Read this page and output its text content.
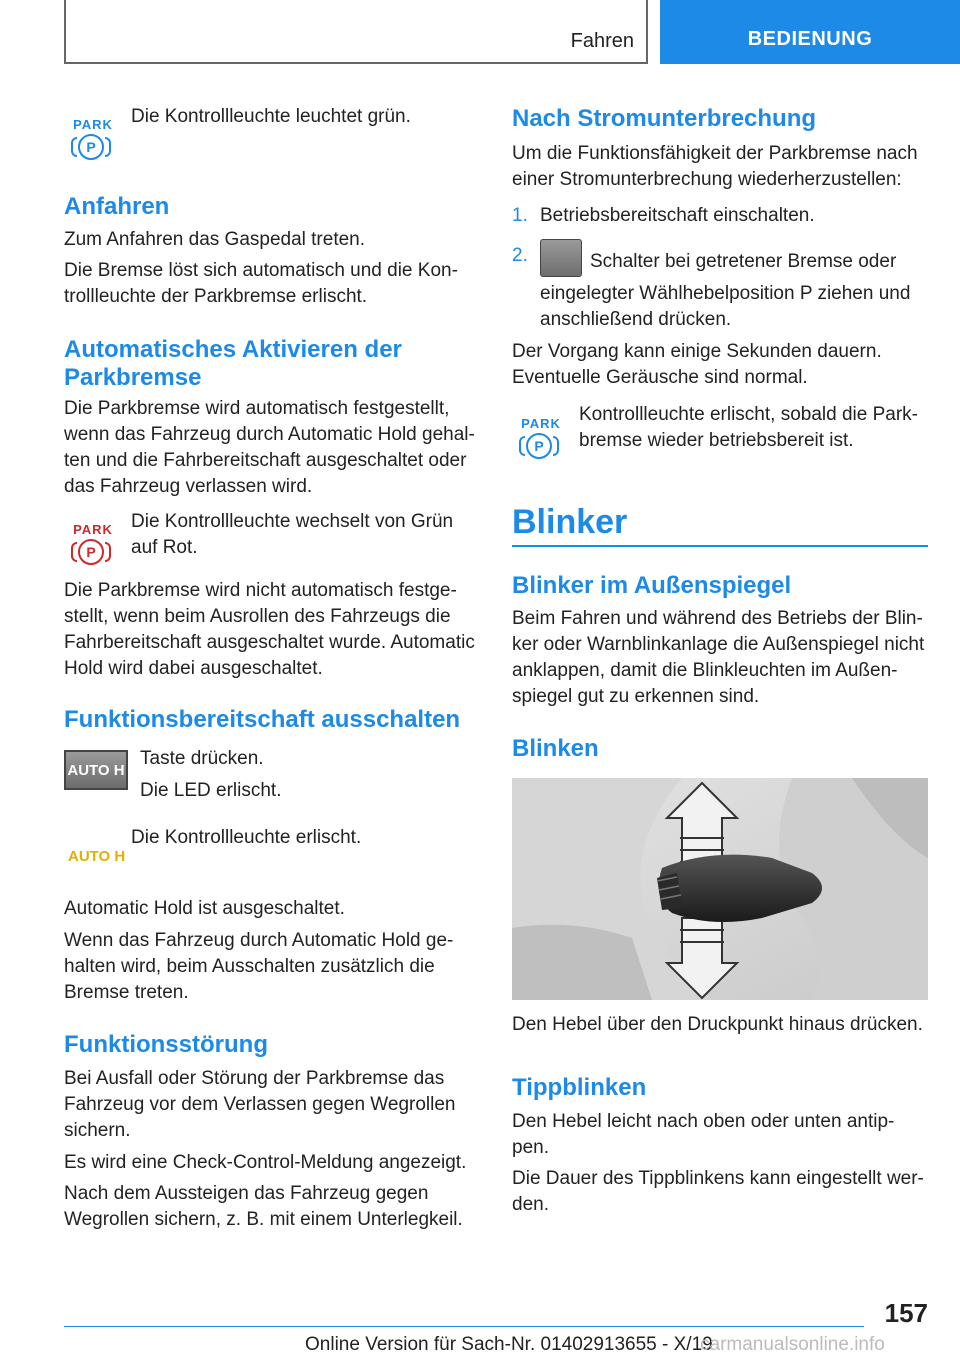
Fahren	BEDIENUNG
PARK
P

Die Kontrollleuchte leuchtet grün.

Anfahren

Zum Anfahren das Gaspedal treten.

Die Bremse löst sich automatisch und die Kon‐trollleuchte der Parkbremse erlischt.

Automatisches Aktivieren der Parkbremse

Die Parkbremse wird automatisch festgestellt, wenn das Fahrzeug durch Automatic Hold gehal‐ten und die Fahrbereitschaft ausgeschaltet oder das Fahrzeug verlassen wird.

PARK
P

Die Kontrollleuchte wechselt von Grün auf Rot.

Die Parkbremse wird nicht automatisch festge‐stellt, wenn beim Ausrollen des Fahrzeugs die Fahrbereitschaft ausgeschaltet wurde. Automatic Hold wird dabei ausgeschaltet.

Funktionsbereitschaft ausschalten
AUTO H

Taste drücken.

Die LED erlischt.

AUTO H

Die Kontrollleuchte erlischt.

Automatic Hold ist ausgeschaltet.

Wenn das Fahrzeug durch Automatic Hold ge‐halten wird, beim Ausschalten zusätzlich die Bremse treten.

Funktionsstörung

Bei Ausfall oder Störung der Parkbremse das Fahrzeug vor dem Verlassen gegen Wegrollen sichern.

Es wird eine Check-Control-Meldung angezeigt.

Nach dem Aussteigen das Fahrzeug gegen Wegrollen sichern, z. B. mit einem Unterlegkeil.

Nach Stromunterbrechung

Um die Funktionsfähigkeit der Parkbremse nach einer Stromunterbrechung wiederherzustellen:

1. Betriebsbereitschaft einschalten.
2.	Schalter bei getretener Bremse oder eingelegter Wählhebelposition P ziehen und anschließend drücken.

Der Vorgang kann einige Sekunden dauern. Eventuelle Geräusche sind normal.

PARK
P

Kontrollleuchte erlischt, sobald die Park‐bremse wieder betriebsbereit ist.

Blinker
Blinker im Außenspiegel

Beim Fahren und während des Betriebs der Blin‐ker oder Warnblinkanlage die Außenspiegel nicht anklappen, damit die Blinkleuchten im Außen‐spiegel gut zu erkennen sind.

Blinken

Den Hebel über den Druckpunkt hinaus drücken.

Tippblinken

Den Hebel leicht nach oben oder unten antip‐pen.

Die Dauer des Tippblinkens kann eingestellt wer‐den.

157
Online Version für Sach-Nr. 01402913655 - X/19
carmanualsonline.info
